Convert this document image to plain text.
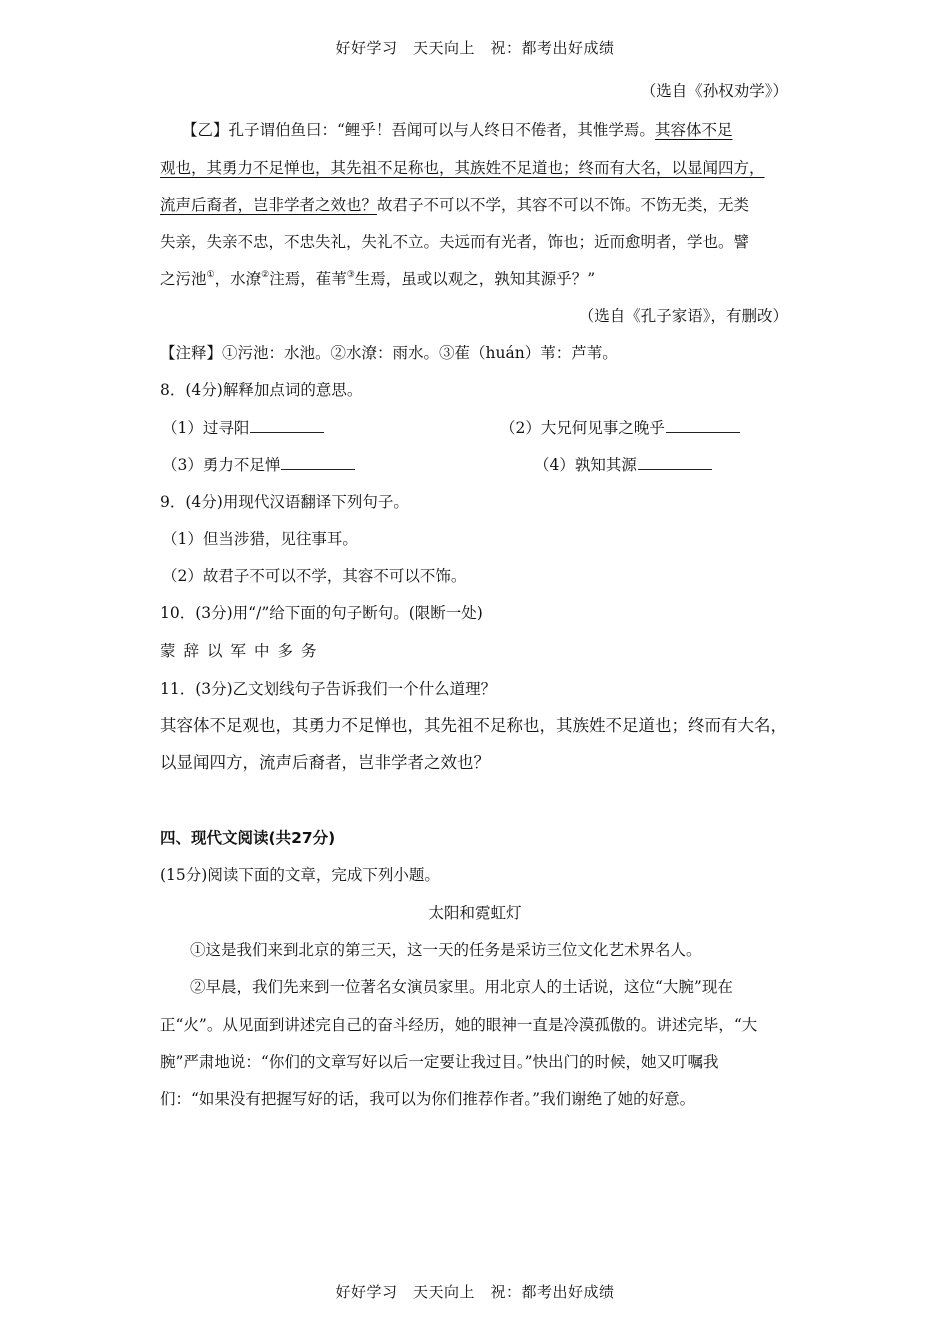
好好学习　天天向上　祝：都考出好成绩
（选自《孙权劝学》）
【乙】孔子谓伯鱼曰：“鲤乎！吾闻可以与人终日不倦者，其惟学焉。其容体不足
观也，其勇力不足惮也，其先祖不足称也，其族姓不足道也；终而有大名，以显闻四方，
流声后裔者，岂非学者之效也？故君子不可以不学，其容不可以不饰。不饬无类，无类
失亲，失亲不忠，不忠失礼，失礼不立。夫远而有光者，饰也；近而愈明者，学也。譬
之污池①，水潦②注焉，萑苇③生焉，虽或以观之，孰知其源乎？”
（选自《孔子家语》，有删改）
【注释】①污池：水池。②水潦：雨水。③萑（huán）苇：芦苇。
8．(4分)解释加点词的意思。
（1）过寻阳	（2）大兄何见事之晚乎
（3）勇力不足惮	（4）孰知其源
9．(4分)用现代汉语翻译下列句子。
（1）但当涉猎，见往事耳。
（2）故君子不可以不学，其容不可以不饰。
10．(3分)用“/”给下面的句子断句。(限断一处)
蒙辞以军中多务
11．(3分)乙文划线句子告诉我们一个什么道理？
其容体不足观也，其勇力不足惮也，其先祖不足称也，其族姓不足道也；终而有大名，
以显闻四方，流声后裔者，岂非学者之效也？
四、现代文阅读(共27分)
(15分)阅读下面的文章，完成下列小题。
太阳和霓虹灯
①这是我们来到北京的第三天，这一天的任务是采访三位文化艺术界名人。
②早晨，我们先来到一位著名女演员家里。用北京人的土话说，这位“大腕”现在
正“火”。从见面到讲述完自己的奋斗经历，她的眼神一直是冷漠孤傲的。讲述完毕，“大
腕”严肃地说：“你们的文章写好以后一定要让我过目。”快出门的时候，她又叮嘱我
们：“如果没有把握写好的话，我可以为你们推荐作者。”我们谢绝了她的好意。
好好学习　天天向上　祝：都考出好成绩
